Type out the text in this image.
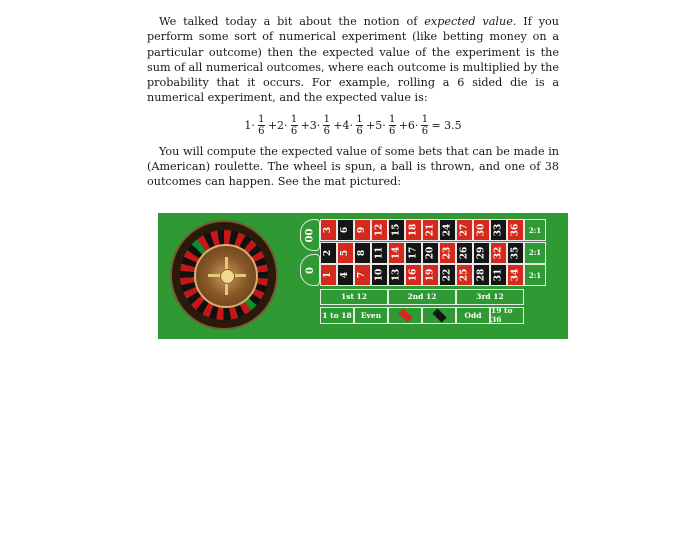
We talked today a bit about the notion of expected value. If you perform some sort of numerical experiment (like betting money on a particular outcome) then the expected value of the experiment is the sum of all numerical outcomes, where each outcome is multiplied by the probability that it occurs. For example, rolling a 6 sided die is a numerical experiment, and the expected value is:

$1\cdot \frac{1}{6} +2\cdot \frac{1}{6} +3\cdot \frac{1}{6} +4\cdot \frac{1}{6} +5\cdot \frac{1}{6} +6\cdot \frac{1}{6} = 3.5$

You will compute the expected value of some bets that can be made in (American) roulette. The wheel is spun, a ball is thrown, and one of 38 outcomes can happen. See the mat pictured:

00
0
3 6 9 12 15 18 21 24 27 30 33 36	2:1
2 5 8 11 14 17 20 23 26 29 32 35	2:1
1 4 7 10 13 16 19 22 25 28 31 34	2:1
1st 12	2nd 12	3rd 12
1 to 18	Even	Odd	19 to 36
